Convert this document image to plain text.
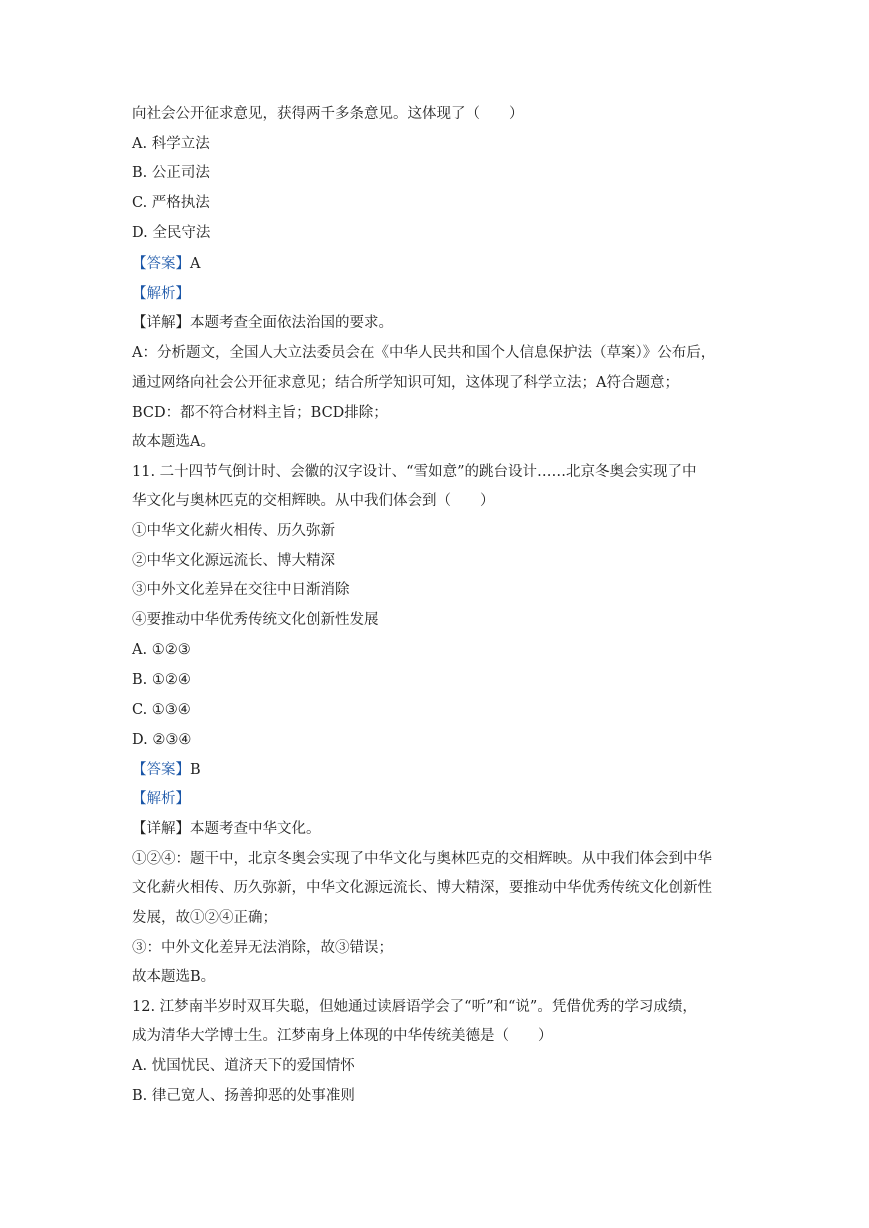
向社会公开征求意见，获得两千多条意见。这体现了（　　）
A. 科学立法
B. 公正司法
C. 严格执法
D. 全民守法
【答案】A
【解析】
【详解】本题考查全面依法治国的要求。
A：分析题文，全国人大立法委员会在《中华人民共和国个人信息保护法（草案）》公布后，
通过网络向社会公开征求意见；结合所学知识可知，这体现了科学立法；A符合题意；
BCD：都不符合材料主旨；BCD排除；
故本题选A。
11. 二十四节气倒计时、会徽的汉字设计、“雪如意”的跳台设计……北京冬奥会实现了中
华文化与奥林匹克的交相辉映。从中我们体会到（　　）
①中华文化薪火相传、历久弥新
②中华文化源远流长、博大精深
③中外文化差异在交往中日渐消除
④要推动中华优秀传统文化创新性发展
A. ①②③
B. ①②④
C. ①③④
D. ②③④
【答案】B
【解析】
【详解】本题考查中华文化。
①②④：题干中，北京冬奥会实现了中华文化与奥林匹克的交相辉映。从中我们体会到中华
文化薪火相传、历久弥新，中华文化源远流长、博大精深，要推动中华优秀传统文化创新性
发展，故①②④正确；
③：中外文化差异无法消除，故③错误；
故本题选B。
12. 江梦南半岁时双耳失聪，但她通过读唇语学会了“听”和“说”。凭借优秀的学习成绩，
成为清华大学博士生。江梦南身上体现的中华传统美德是（　　）
A. 忧国忧民、道济天下的爱国情怀
B. 律己宽人、扬善抑恶的处事准则
